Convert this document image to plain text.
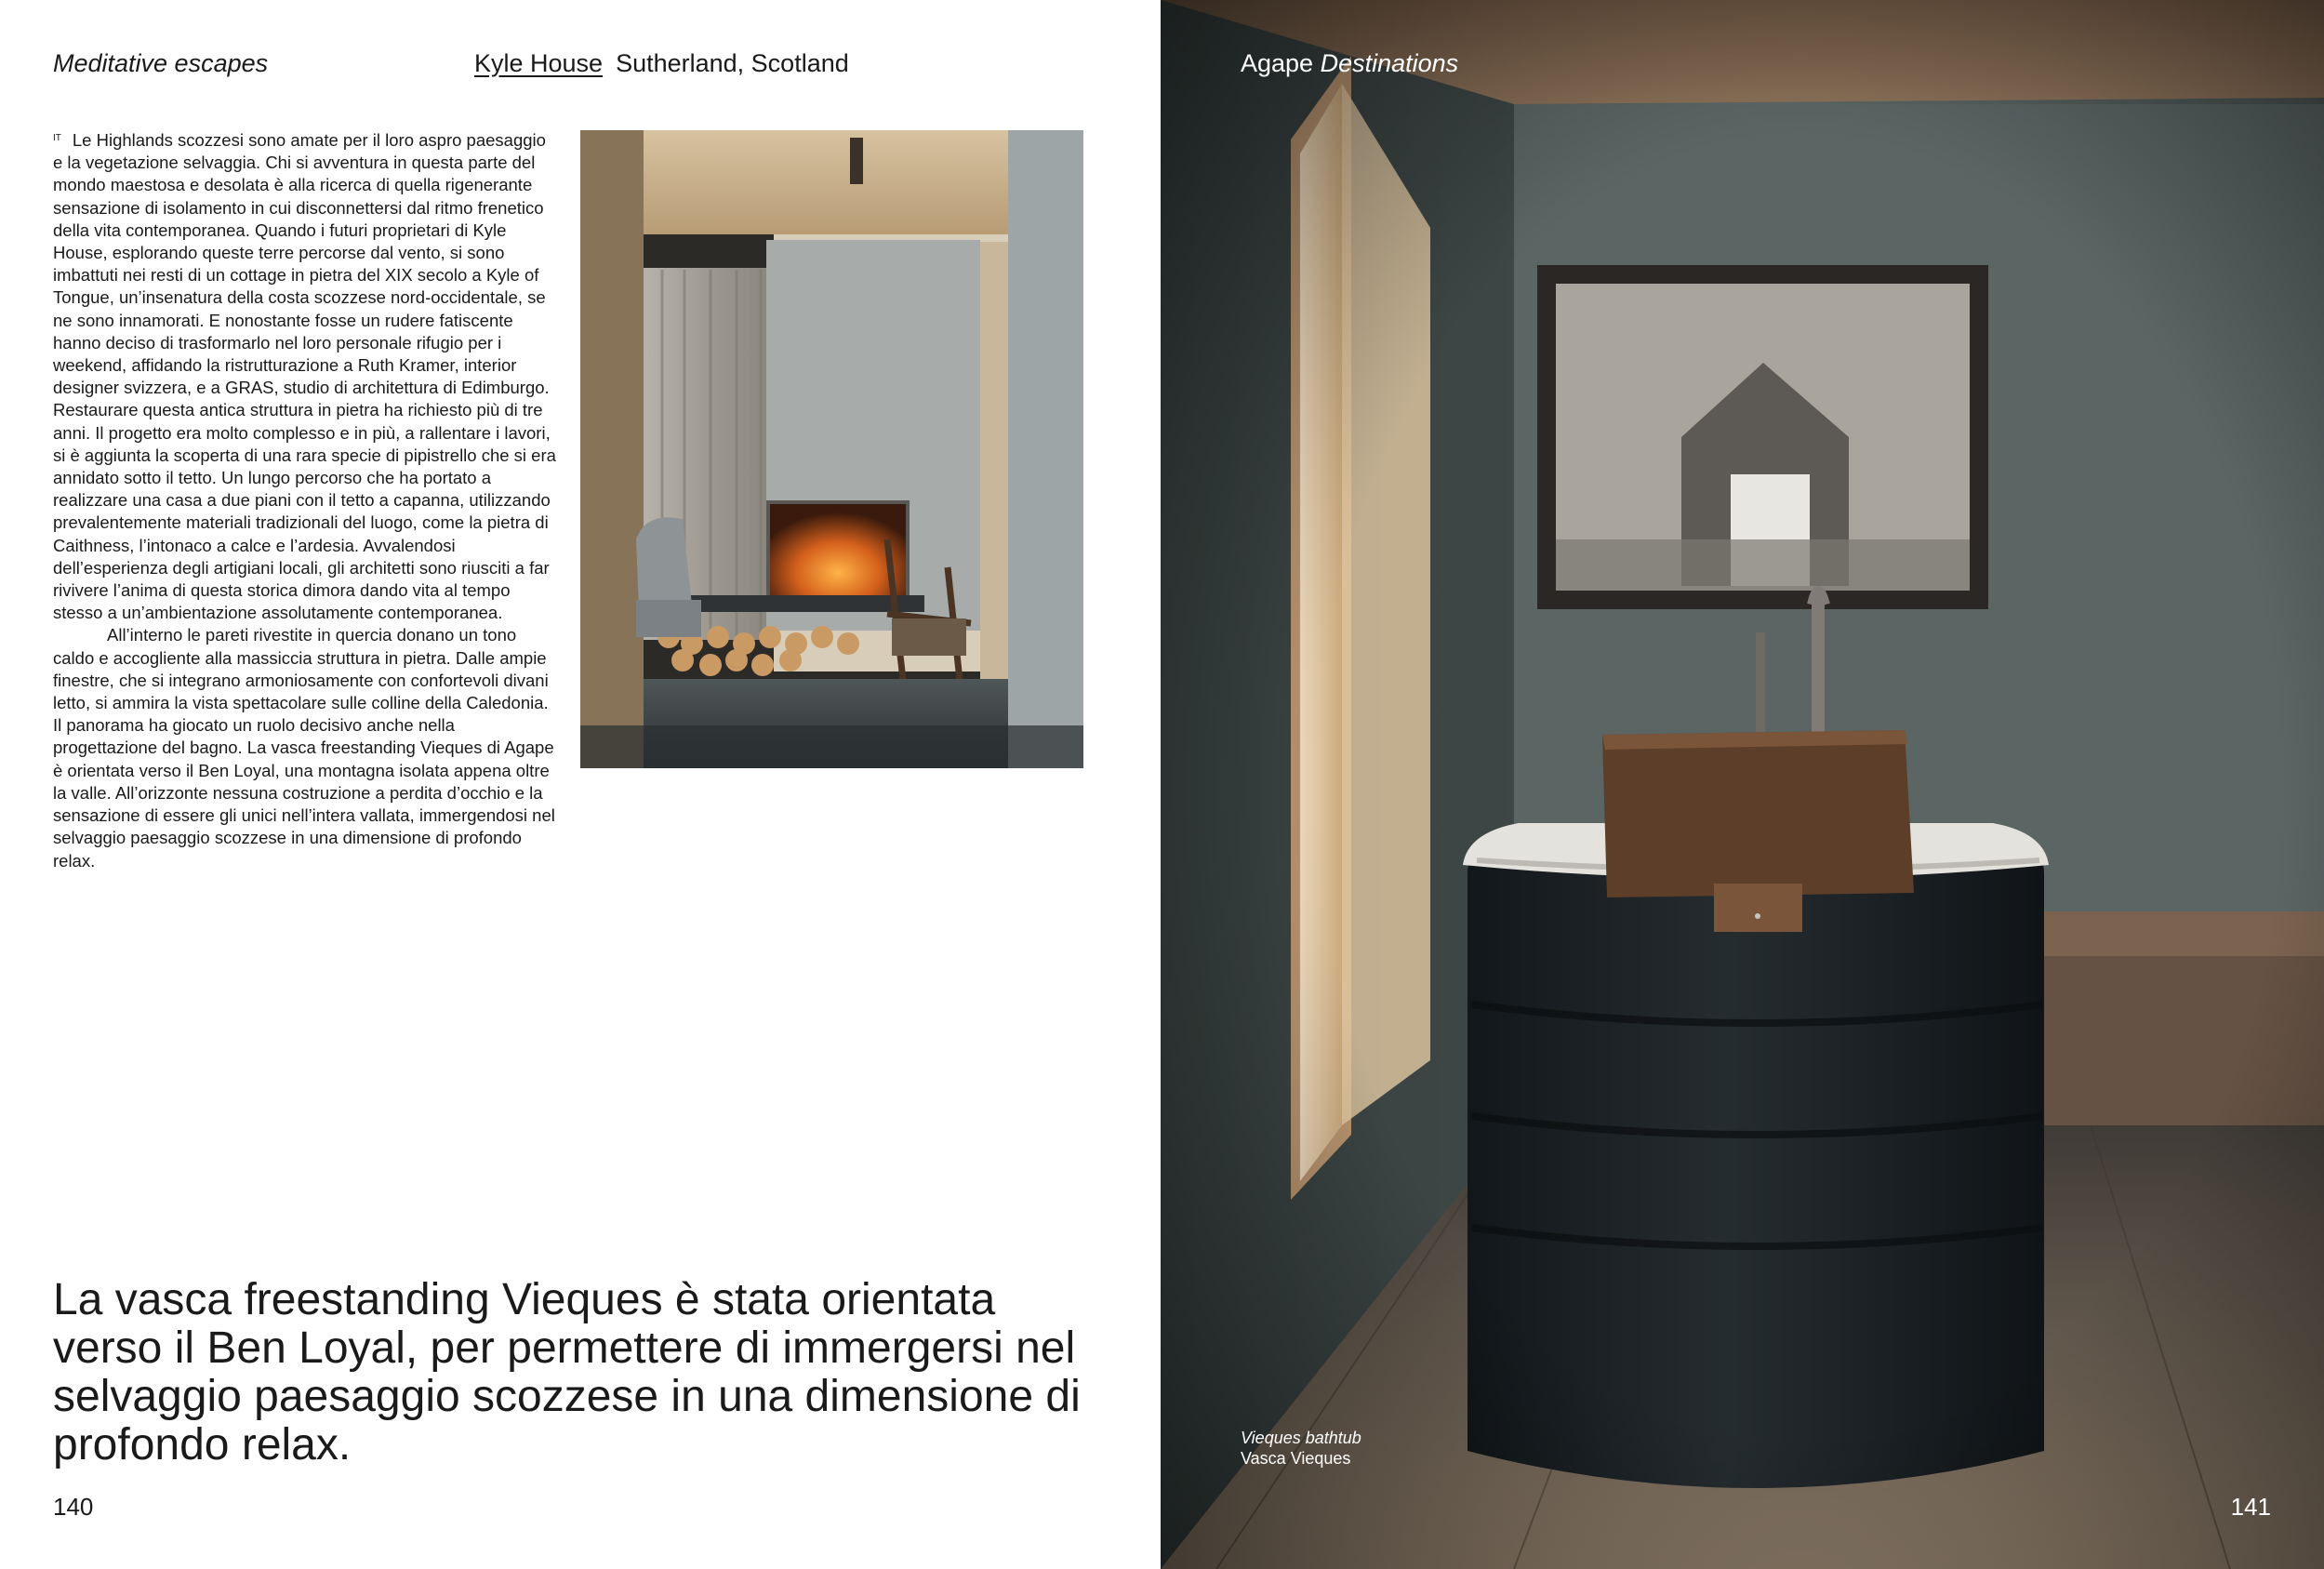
Meditative escapes	Kyle House Sutherland, Scotland

$^{IT}$ Le Highlands scozzesi sono amate per il loro aspro paesaggio e la vegetazione selvaggia. Chi si avventura in questa parte del mondo maestosa e desolata è alla ricerca di quella rigenerante sensazione di isolamento in cui disconnettersi dal ritmo frenetico della vita contemporanea. Quando i futuri proprietari di Kyle House, esplorando queste terre percorse dal vento, si sono imbattuti nei resti di un cottage in pietra del XIX secolo a Kyle of Tongue, un’insenatura della costa scozzese nord-occidentale, se ne sono innamorati. E nonostante fosse un rudere fatiscente hanno deciso di trasformarlo nel loro personale rifugio per i weekend, affidando la ristrutturazione a Ruth Kramer, interior designer svizzera, e a GRAS, studio di architettura di Edimburgo. Restaurare questa antica struttura in pietra ha richiesto più di tre anni. Il progetto era molto complesso e in più, a rallentare i lavori, si è aggiunta la scoperta di una rara specie di pipistrello che si era annidato sotto il tetto. Un lungo percorso che ha portato a realizzare una casa a due piani con il tetto a capanna, utilizzando prevalentemente materiali tradizionali del luogo, come la pietra di Caithness, l’intonaco a calce e l’ardesia. Avvalendosi dell’esperienza degli artigiani locali, gli architetti sono riusciti a far rivivere l’anima di questa storica dimora dando vita al tempo stesso a un’ambientazione assolutamente contemporanea.

All’interno le pareti rivestite in quercia donano un tono caldo e accogliente alla massiccia struttura in pietra. Dalle ampie finestre, che si integrano armoniosamente con confortevoli divani letto, si ammira la vista spettacolare sulle colline della Caledonia.

Il panorama ha giocato un ruolo decisivo anche nella progettazione del bagno. La vasca freestanding Vieques di Agape è orientata verso il Ben Loyal, una montagna isolata appena oltre la valle. All’orizzonte nessuna costruzione a perdita d’occhio e la sensazione di essere gli unici nell’intera vallata, immergendosi nel selvaggio paesaggio scozzese in una dimensione di profondo relax.

La vasca freestanding Vieques è stata orientata verso il Ben Loyal, per permettere di immergersi nel selvaggio paesaggio scozzese in una dimensione di profondo relax.
140
Agape Destinations
Vieques bathtub
Vasca Vieques
141
